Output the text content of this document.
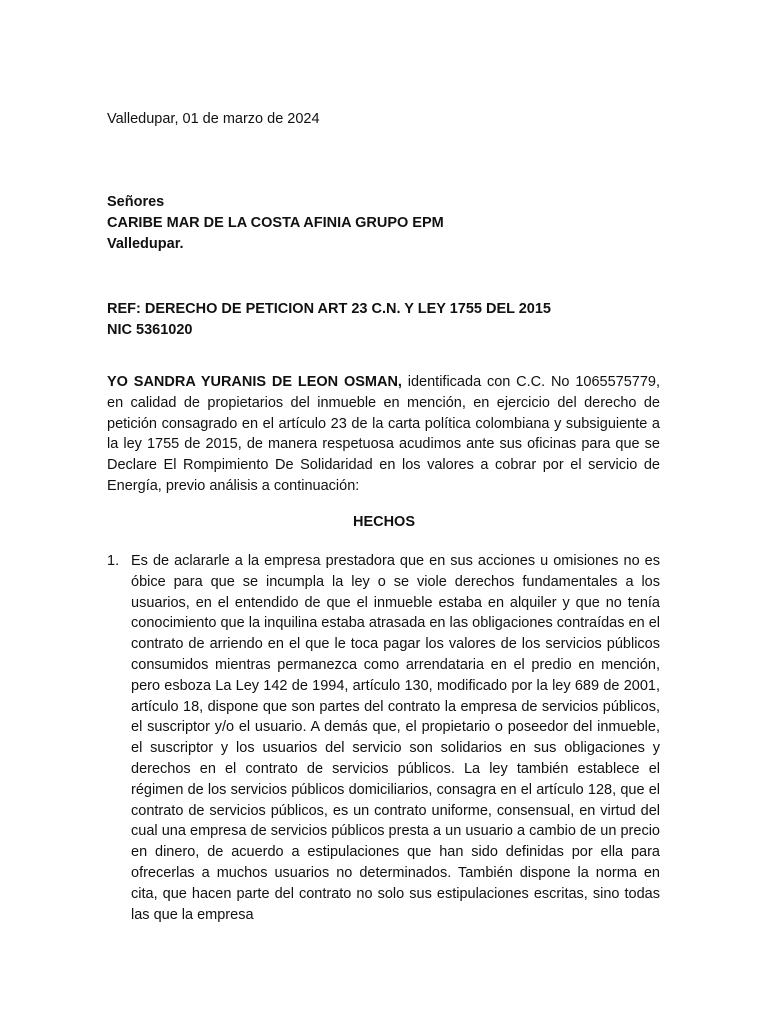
Valledupar, 01 de marzo de 2024

Señores
CARIBE MAR DE LA COSTA AFINIA GRUPO EPM
Valledupar.
REF: DERECHO DE PETICION ART 23 C.N. Y LEY 1755 DEL 2015
NIC 5361020

YO SANDRA YURANIS DE LEON OSMAN, identificada con C.C. No 1065575779, en calidad de propietarios del inmueble en mención, en ejercicio del derecho de petición consagrado en el artículo 23 de la carta política colombiana y subsiguiente a la ley 1755 de 2015, de manera respetuosa acudimos ante sus oficinas para que se Declare El Rompimiento De Solidaridad en los valores a cobrar por el servicio de Energía, previo análisis a continuación:

HECHOS
1. Es de aclararle a la empresa prestadora que en sus acciones u omisiones no es óbice para que se incumpla la ley o se viole derechos fundamentales a los usuarios, en el entendido de que el inmueble estaba en alquiler y que no tenía conocimiento que la inquilina estaba atrasada en las obligaciones contraídas en el contrato de arriendo en el que le toca pagar los valores de los servicios públicos consumidos mientras permanezca como arrendataria en el predio en mención, pero esboza La Ley 142 de 1994, artículo 130, modificado por la ley 689 de 2001, artículo 18, dispone que son partes del contrato la empresa de servicios públicos, el suscriptor y/o el usuario. A demás que, el propietario o poseedor del inmueble, el suscriptor y los usuarios del servicio son solidarios en sus obligaciones y derechos en el contrato de servicios públicos. La ley también establece el régimen de los servicios públicos domiciliarios, consagra en el artículo 128, que el contrato de servicios públicos, es un contrato uniforme, consensual, en virtud del cual una empresa de servicios públicos presta a un usuario a cambio de un precio en dinero, de acuerdo a estipulaciones que han sido definidas por ella para ofrecerlas a muchos usuarios no determinados. También dispone la norma en cita, que hacen parte del contrato no solo sus estipulaciones escritas, sino todas las que la empresa
